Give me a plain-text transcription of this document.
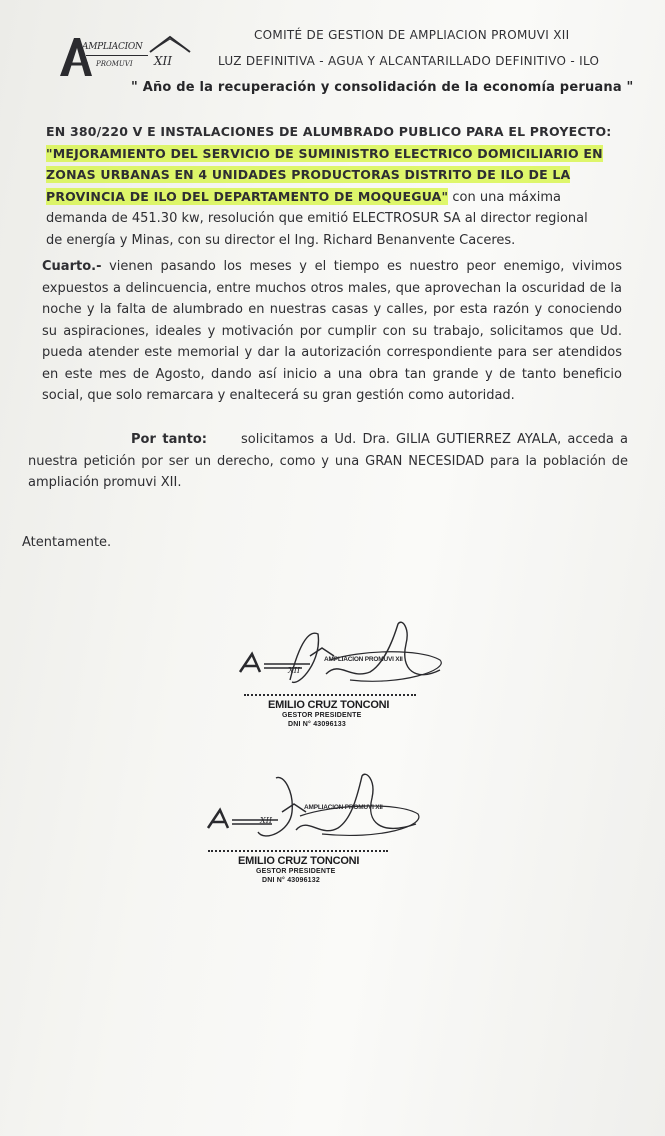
AMPLIACION
PROMUVI XII
COMITÉ DE GESTION DE AMPLIACION PROMUVI XII
LUZ DEFINITIVA - AGUA Y ALCANTARILLADO DEFINITIVO - ILO
" Año de la recuperación y consolidación de la economía peruana "
EN 380/220 V E INSTALACIONES DE ALUMBRADO PUBLICO PARA EL PROYECTO:
"MEJORAMIENTO DEL SERVICIO DE SUMINISTRO ELECTRICO DOMICILIARIO EN
ZONAS URBANAS EN 4 UNIDADES PRODUCTORAS DISTRITO DE ILO DE LA
PROVINCIA DE ILO DEL DEPARTAMENTO DE MOQUEGUA" con una máxima
demanda de 451.30 kw, resolución que emitió ELECTROSUR SA al director regional
de energía y Minas, con su director el Ing. Richard Benanvente Caceres.
Cuarto.- vienen pasando los meses y el tiempo es nuestro peor enemigo, vivimos expuestos a delincuencia, entre muchos otros males, que aprovechan la oscuridad de la noche y la falta de alumbrado en nuestras casas y calles, por esta razón y conociendo su aspiraciones, ideales y motivación por cumplir con su trabajo, solicitamos que Ud. pueda atender este memorial y dar la autorización correspondiente para ser atendidos en este mes de Agosto, dando así inicio a una obra tan grande y de tanto beneficio social, que solo remarcara y enaltecerá su gran gestión como autoridad.
Por tanto:	solicitamos a Ud. Dra. GILIA GUTIERREZ AYALA, acceda a nuestra petición por ser un derecho, como y una GRAN NECESIDAD para la población de ampliación promuvi XII.
Atentamente.
AMPLIACION PROMUVI XII
XII
EMILIO CRUZ TONCONI
GESTOR PRESIDENTE
DNI N° 43096133
AMPLIACION PROMUVI XII
XII
EMILIO CRUZ TONCONI
GESTOR PRESIDENTE
DNI N° 43096132
